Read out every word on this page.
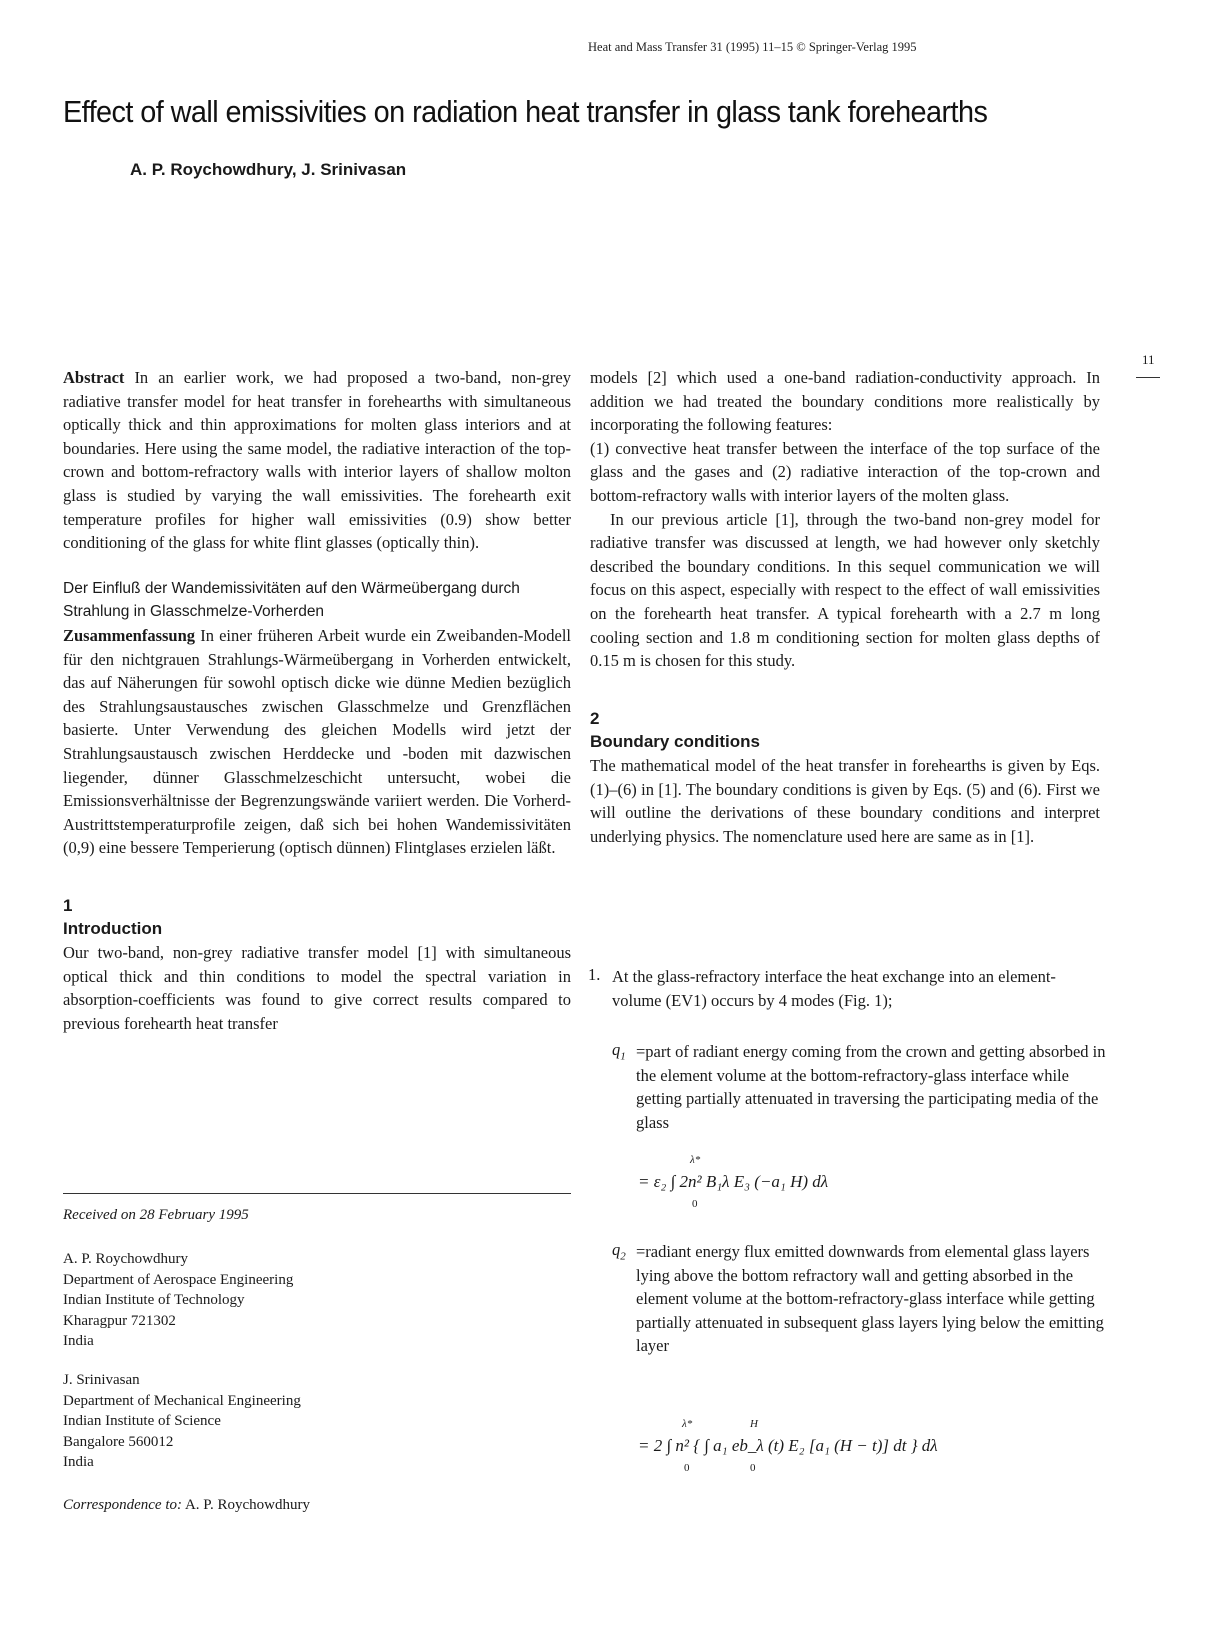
Heat and Mass Transfer 31 (1995) 11–15 © Springer-Verlag 1995
Effect of wall emissivities on radiation heat transfer in glass tank forehearths
A. P. Roychowdhury, J. Srinivasan
11

Abstract In an earlier work, we had proposed a two-band, non-grey radiative transfer model for heat transfer in forehearths with simultaneous optically thick and thin approximations for molten glass interiors and at boundaries. Here using the same model, the radiative interaction of the top-crown and bottom-refractory walls with interior layers of shallow molton glass is studied by varying the wall emissivities. The forehearth exit temperature profiles for higher wall emissivities (0.9) show better conditioning of the glass for white flint glasses (optically thin).

Der Einfluß der Wandemissivitäten auf den Wärmeübergang durch Strahlung in Glasschmelze-Vorherden

Zusammenfassung In einer früheren Arbeit wurde ein Zweibanden-Modell für den nichtgrauen Strahlungs-Wärmeübergang in Vorherden entwickelt, das auf Näherungen für sowohl optisch dicke wie dünne Medien bezüglich des Strahlungsaustausches zwischen Glasschmelze und Grenzflächen basierte. Unter Verwendung des gleichen Modells wird jetzt der Strahlungsaustausch zwischen Herddecke und -boden mit dazwischen liegender, dünner Glasschmelzeschicht untersucht, wobei die Emissionsverhältnisse der Begrenzungswände variiert werden. Die Vorherd-Austrittstemperaturprofile zeigen, daß sich bei hohen Wandemissivitäten (0,9) eine bessere Temperierung (optisch dünnen) Flintglases erzielen läßt.

1

Introduction

Our two-band, non-grey radiative transfer model [1] with simultaneous optical thick and thin conditions to model the spectral variation in absorption-coefficients was found to give correct results compared to previous forehearth heat transfer

Received on 28 February 1995

A. P. Roychowdhury

Department of Aerospace Engineering

Indian Institute of Technology

Kharagpur 721302

India

J. Srinivasan

Department of Mechanical Engineering

Indian Institute of Science

Bangalore 560012

India

Correspondence to: A. P. Roychowdhury

models [2] which used a one-band radiation-conductivity approach. In addition we had treated the boundary conditions more realistically by incorporating the following features:

(1) convective heat transfer between the interface of the top surface of the glass and the gases and (2) radiative interaction of the top-crown and bottom-refractory walls with interior layers of the molten glass.

In our previous article [1], through the two-band non-grey model for radiative transfer was discussed at length, we had however only sketchly described the boundary conditions. In this sequel communication we will focus on this aspect, especially with respect to the effect of wall emissivities on the forehearth heat transfer. A typical forehearth with a 2.7 m long cooling section and 1.8 m conditioning section for molten glass depths of 0.15 m is chosen for this study.

2

Boundary conditions

The mathematical model of the heat transfer in forehearths is given by Eqs. (1)–(6) in [1]. The boundary conditions is given by Eqs. (5) and (6). First we will outline the derivations of these boundary conditions and interpret underlying physics. The nomenclature used here are same as in [1].

1. At the glass-refractory interface the heat exchange into an element-volume (EV1) occurs by 4 modes (Fig. 1);
$q_1$ =part of radiant energy coming from the crown and getting absorbed in the element volume at the bottom-refractory-glass interface while getting partially attenuated in traversing the participating media of the glass
λ*
= ε₂ ∫ 2n² B₁λ E₃ (−a₁ H) dλ
0
$q_2$ =radiant energy flux emitted downwards from elemental glass layers lying above the bottom refractory wall and getting absorbed in the element volume at the bottom-refractory-glass interface while getting partially attenuated in subsequent glass layers lying below the emitting layer
λ*	H
= 2 ∫ n² { ∫ a₁ eb_λ (t) E₂ [a₁ (H − t)] dt } dλ
0	0
